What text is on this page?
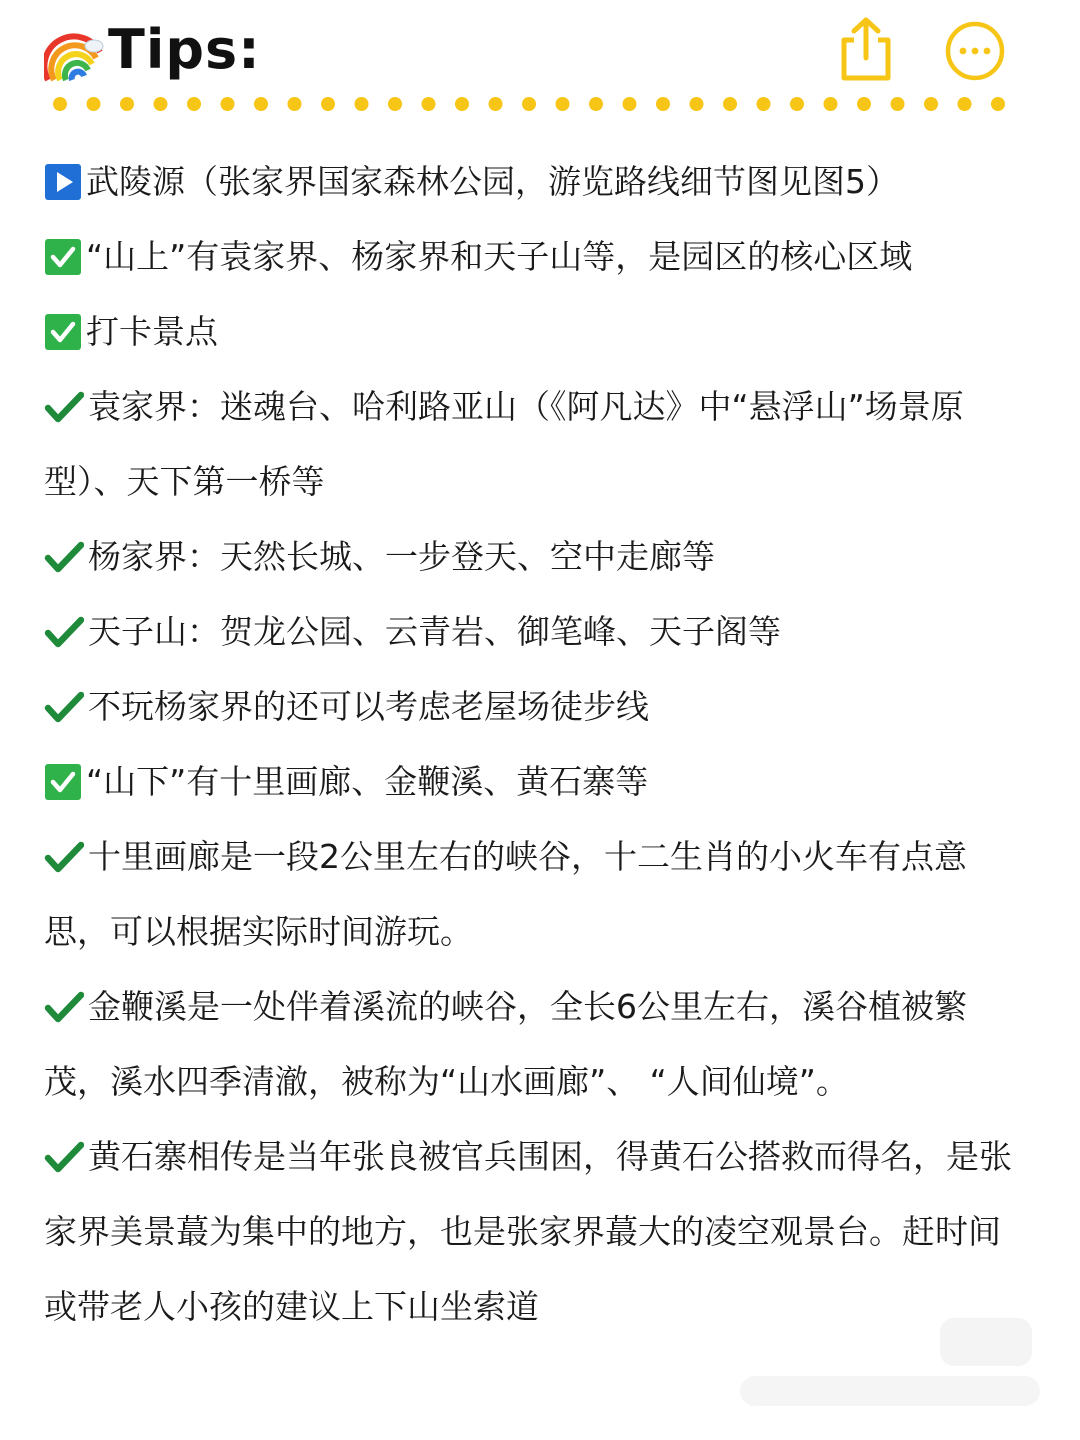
Tips:
武陵源（张家界国家森林公园，游览路线细节图见图5）
“山上”有袁家界、杨家界和天子山等，是园区的核心区域
打卡景点
袁家界：迷魂台、哈利路亚山（《阿凡达》中“悬浮山”场景原
型）、天下第一桥等
杨家界：天然长城、一步登天、空中走廊等
天子山：贺龙公园、云青岩、御笔峰、天子阁等
不玩杨家界的还可以考虑老屋场徒步线
“山下”有十里画廊、金鞭溪、黄石寨等
十里画廊是一段2公里左右的峡谷，十二生肖的小火车有点意
思，可以根据实际时间游玩。
金鞭溪是一处伴着溪流的峡谷，全长6公里左右，溪谷植被繁
茂，溪水四季清澈，被称为“山水画廊”、 “人间仙境”。
黄石寨相传是当年张良被官兵围困，得黄石公搭救而得名，是张
家界美景蕞为集中的地方，也是张家界蕞大的凌空观景台。赶时间
或带老人小孩的建议上下山坐索道
